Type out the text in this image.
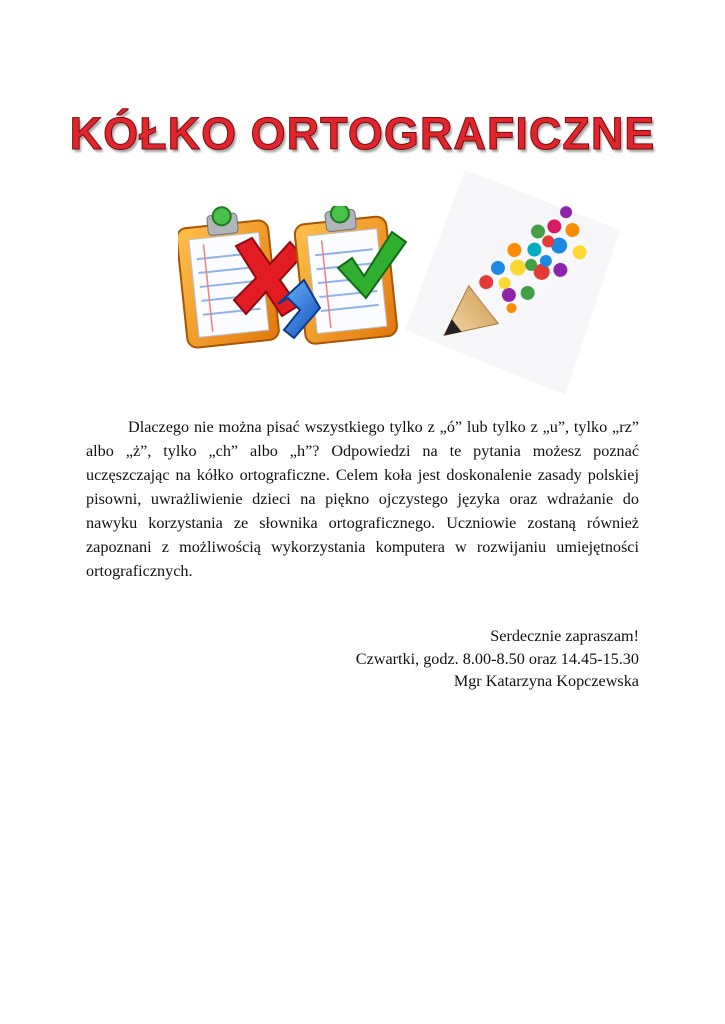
KÓŁKO ORTOGRAFICZNE

Dlaczego nie można pisać wszystkiego tylko z „ó” lub tylko z „u”, tylko „rz” albo „ż”, tylko „ch” albo „h”? Odpowiedzi na te pytania możesz poznać uczęszczając na kółko ortograficzne. Celem koła jest doskonalenie zasady polskiej pisowni, uwrażliwienie dzieci na piękno ojczystego języka oraz wdrażanie do nawyku korzystania ze słownika ortograficznego. Uczniowie zostaną również zapoznani z możliwością wykorzystania komputera w rozwijaniu umiejętności ortograficznych.

Serdecznie zapraszam!
Czwartki, godz. 8.00-8.50 oraz 14.45-15.30
Mgr Katarzyna Kopczewska
